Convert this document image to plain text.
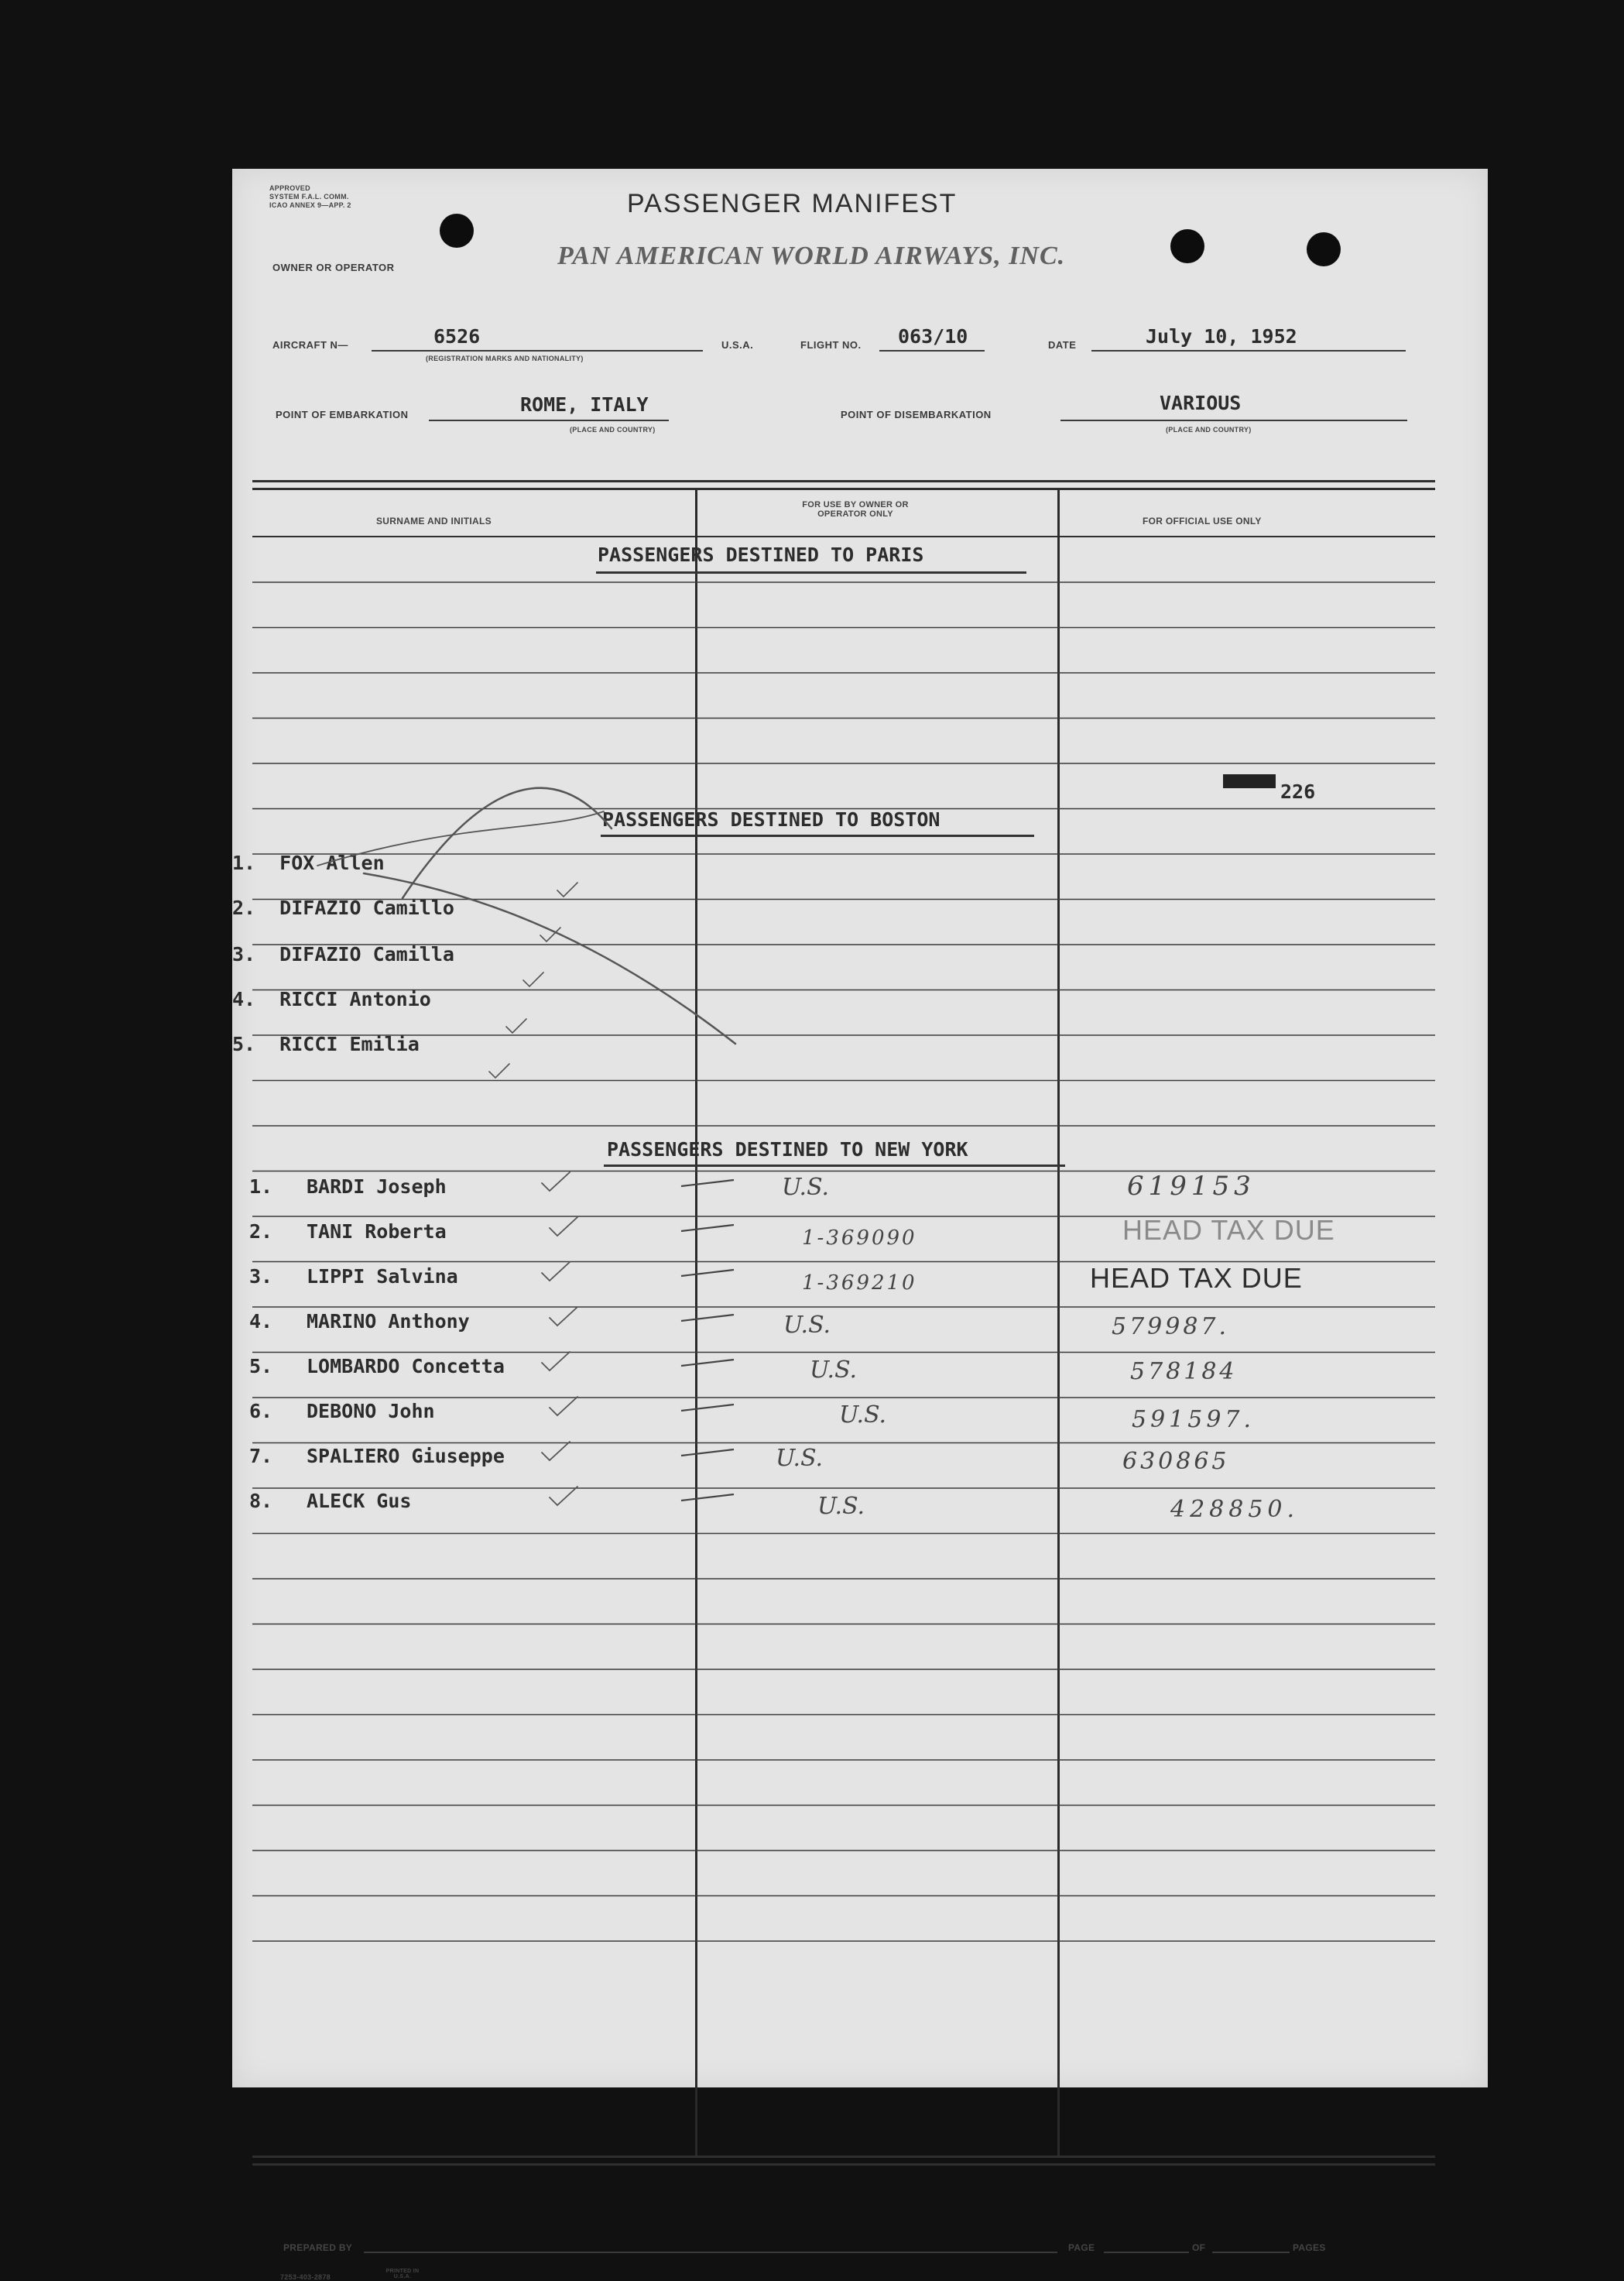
APPROVED
SYSTEM F.A.L. COMM.
ICAO ANNEX 9—APP. 2	PASSENGER MANIFEST
OWNER OR OPERATOR	PAN AMERICAN WORLD AIRWAYS, INC.
AIRCRAFT N—	6526
(REGISTRATION MARKS AND NATIONALITY)
U.S.A.	FLIGHT NO. 063/10	DATE	July 10, 1952
POINT OF EMBARKATION	ROME, ITALY
(PLACE AND COUNTRY)
POINT OF DISEMBARKATION
VARIOUS
(PLACE AND COUNTRY)
SURNAME AND INITIALS
FOR USE BY OWNER OR OPERATOR ONLY
FOR OFFICIAL USE ONLY
PASSENGERS DESTINED TO PARIS
226
PASSENGERS DESTINED TO BOSTON
PASSENGERS DESTINED TO NEW YORK
1. FOX Allen
2. DIFAZIO Camillo
3. DIFAZIO Camilla
4. RICCI Antonio
5. RICCI Emilia
1. BARDI Joseph	U.S.	619153
2. TANI Roberta	1-369090	HEAD TAX DUE
3. LIPPI Salvina	1-369210	HEAD TAX DUE
4. MARINO Anthony	U.S.	579987.
5. LOMBARDO Concetta	U.S.	578184
6. DEBONO John	U.S.	591597.
7. SPALIERO Giuseppe	U.S.	630865
8. ALECK Gus	U.S.	428850.
PREPARED BY	PAGE	OF	PAGES
7253-403-2878
PRINTED IN U.S.A.
